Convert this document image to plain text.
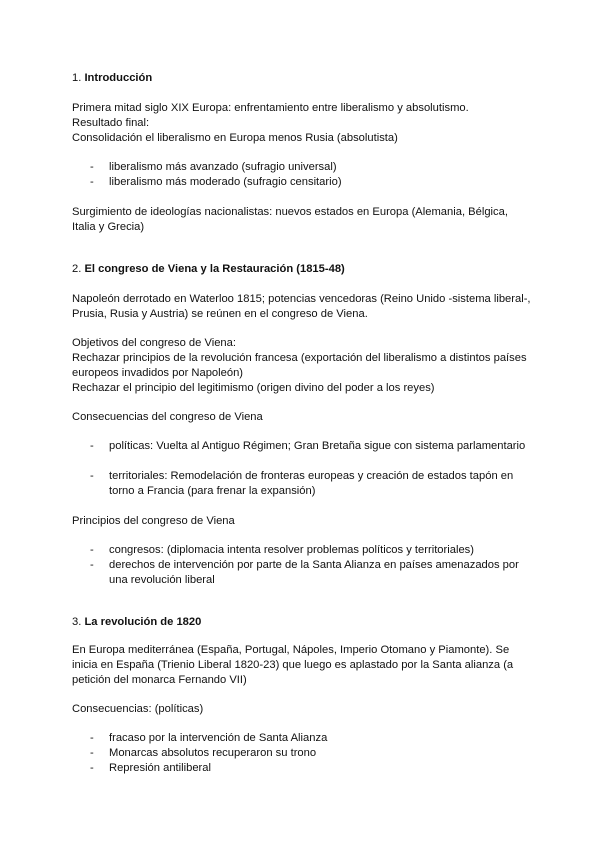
1. Introducción
Primera mitad siglo XIX Europa: enfrentamiento entre liberalismo y absolutismo.
Resultado final:
Consolidación el liberalismo en Europa menos Rusia (absolutista)
-	liberalismo más avanzado (sufragio universal)
-	liberalismo más moderado (sufragio censitario)
Surgimiento de ideologías nacionalistas: nuevos estados en Europa (Alemania, Bélgica, Italia y Grecia)
2. El congreso de Viena y la Restauración (1815-48)
Napoleón derrotado en Waterloo 1815; potencias vencedoras (Reino Unido -sistema liberal-, Prusia, Rusia y Austria) se reúnen en el congreso de Viena.
Objetivos del congreso de Viena:
Rechazar principios de la revolución francesa (exportación del liberalismo a distintos países europeos invadidos por Napoleón)
Rechazar el principio del legitimismo (origen divino del poder a los reyes)
Consecuencias del congreso de Viena
-	políticas: Vuelta al Antiguo Régimen; Gran Bretaña sigue con sistema parlamentario
-	territoriales: Remodelación de fronteras europeas y creación de estados tapón en torno a Francia (para frenar la expansión)
Principios del congreso de Viena
-	congresos: (diplomacia intenta resolver problemas políticos y territoriales)
-	derechos de intervención por parte de la Santa Alianza en países amenazados por una revolución liberal
3. La revolución de 1820
En Europa mediterránea (España, Portugal, Nápoles, Imperio Otomano y Piamonte). Se inicia en España (Trienio Liberal 1820-23) que luego es aplastado por la Santa alianza (a petición del monarca Fernando VII)
Consecuencias: (políticas)
-	fracaso por la intervención de Santa Alianza
-	Monarcas absolutos recuperaron su trono
-	Represión antiliberal
